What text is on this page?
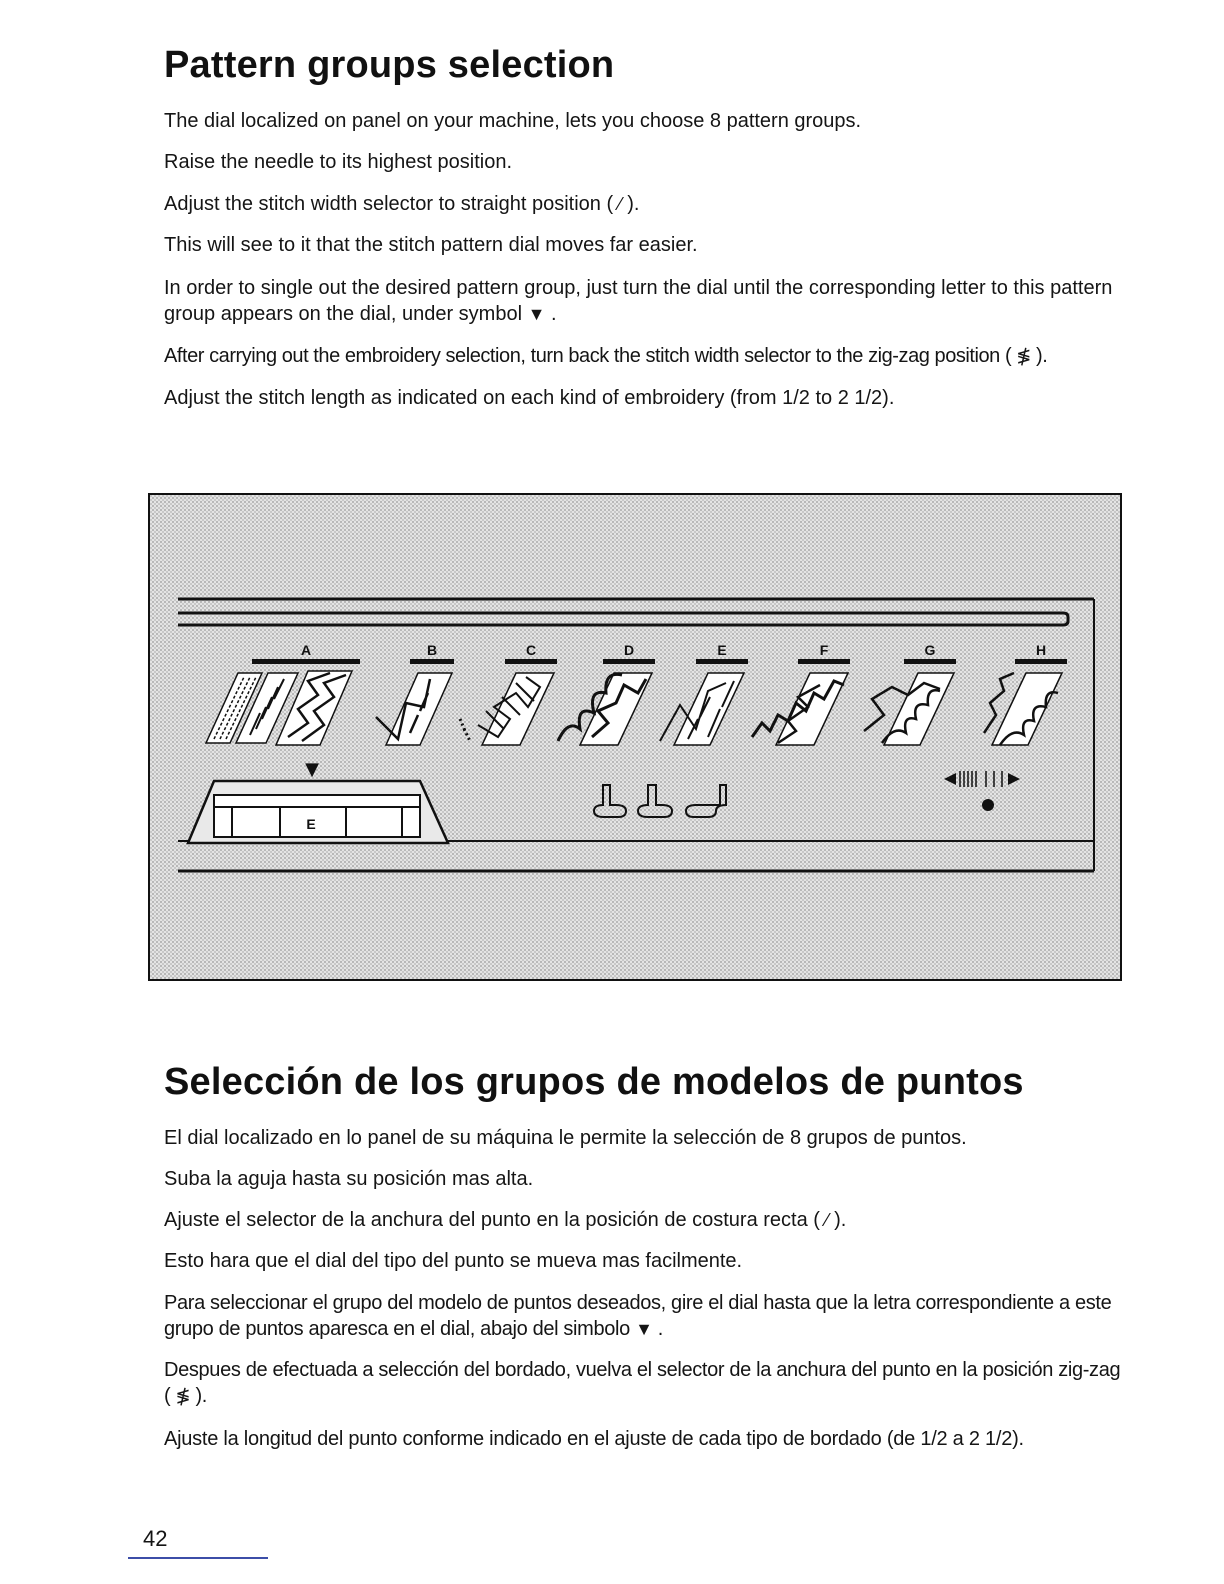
Pattern groups selection

The dial localized on panel on your machine, lets you choose 8 pattern groups.

Raise the needle to its highest position.

Adjust the stitch width selector to straight position ( ⁄ ).

This will see to it that the stitch pattern dial moves far easier.

In order to single out the desired pattern group, just turn the dial until the corresponding letter to this pattern group appears on the dial, under symbol ▼ .

After carrying out the embroidery selection, turn back the stitch width selector to the zig-zag position ( ≸ ).

Adjust the stitch length as indicated on each kind of embroidery (from 1/2 to 2 1/2).

A	B	C	D	E	F	G	H
▼
E
Selección de los grupos de modelos de puntos

El dial localizado en lo panel de su máquina le permite la selección de 8 grupos de puntos.

Suba la aguja hasta su posición mas alta.

Ajuste el selector de la anchura del punto en la posición de costura recta ( ⁄ ).

Esto hara que el dial del tipo del punto se mueva mas facilmente.

Para seleccionar el grupo del modelo de puntos deseados, gire el dial hasta que la letra correspondiente a este grupo de puntos aparesca en el dial, abajo del simbolo ▼ .

Despues de efectuada a selección del bordado, vuelva el selector de la anchura del punto en la posición zig-zag ( ≸ ).

Ajuste la longitud del punto conforme indicado en el ajuste de cada tipo de bordado (de 1/2 a 2 1/2).

42
